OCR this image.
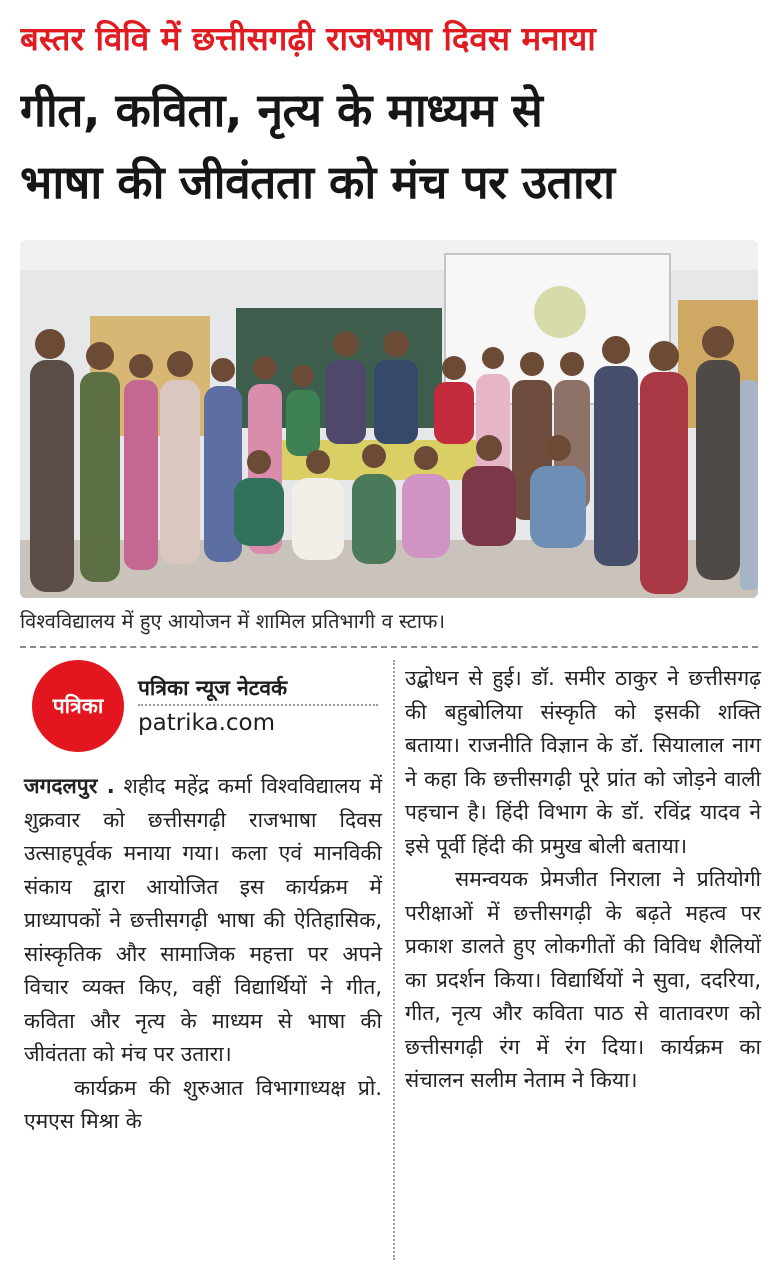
बस्तर विवि में छत्तीसगढ़ी राजभाषा दिवस मनाया
गीत, कविता, नृत्य के माध्यम से
भाषा की जीवंतता को मंच पर उतारा
विश्वविद्यालय में हुए आयोजन में शामिल प्रतिभागी व स्टाफ।
पत्रिका
पत्रिका न्यूज नेटवर्क
patrika.com

जगदलपुर . शहीद महेंद्र कर्मा विश्वविद्यालय में शुक्रवार को छत्तीसगढ़ी राजभाषा दिवस उत्साहपूर्वक मनाया गया। कला एवं मानविकी संकाय द्वारा आयोजित इस कार्यक्रम में प्राध्यापकों ने छत्तीसगढ़ी भाषा की ऐतिहासिक, सांस्कृतिक और सामाजिक महत्ता पर अपने विचार व्यक्त किए, वहीं विद्यार्थियों ने गीत, कविता और नृत्य के माध्यम से भाषा की जीवंतता को मंच पर उतारा।

कार्यक्रम की शुरुआत विभागाध्यक्ष प्रो. एमएस मिश्रा के

उद्बोधन से हुई। डॉ. समीर ठाकुर ने छत्तीसगढ़ की बहुबोलिया संस्कृति को इसकी शक्ति बताया। राजनीति विज्ञान के डॉ. सियालाल नाग ने कहा कि छत्तीसगढ़ी पूरे प्रांत को जोड़ने वाली पहचान है। हिंदी विभाग के डॉ. रविंद्र यादव ने इसे पूर्वी हिंदी की प्रमुख बोली बताया।

समन्वयक प्रेमजीत निराला ने प्रतियोगी परीक्षाओं में छत्तीसगढ़ी के बढ़ते महत्व पर प्रकाश डालते हुए लोकगीतों की विविध शैलियों का प्रदर्शन किया। विद्यार्थियों ने सुवा, ददरिया, गीत, नृत्य और कविता पाठ से वातावरण को छत्तीसगढ़ी रंग में रंग दिया। कार्यक्रम का संचालन सलीम नेताम ने किया।
